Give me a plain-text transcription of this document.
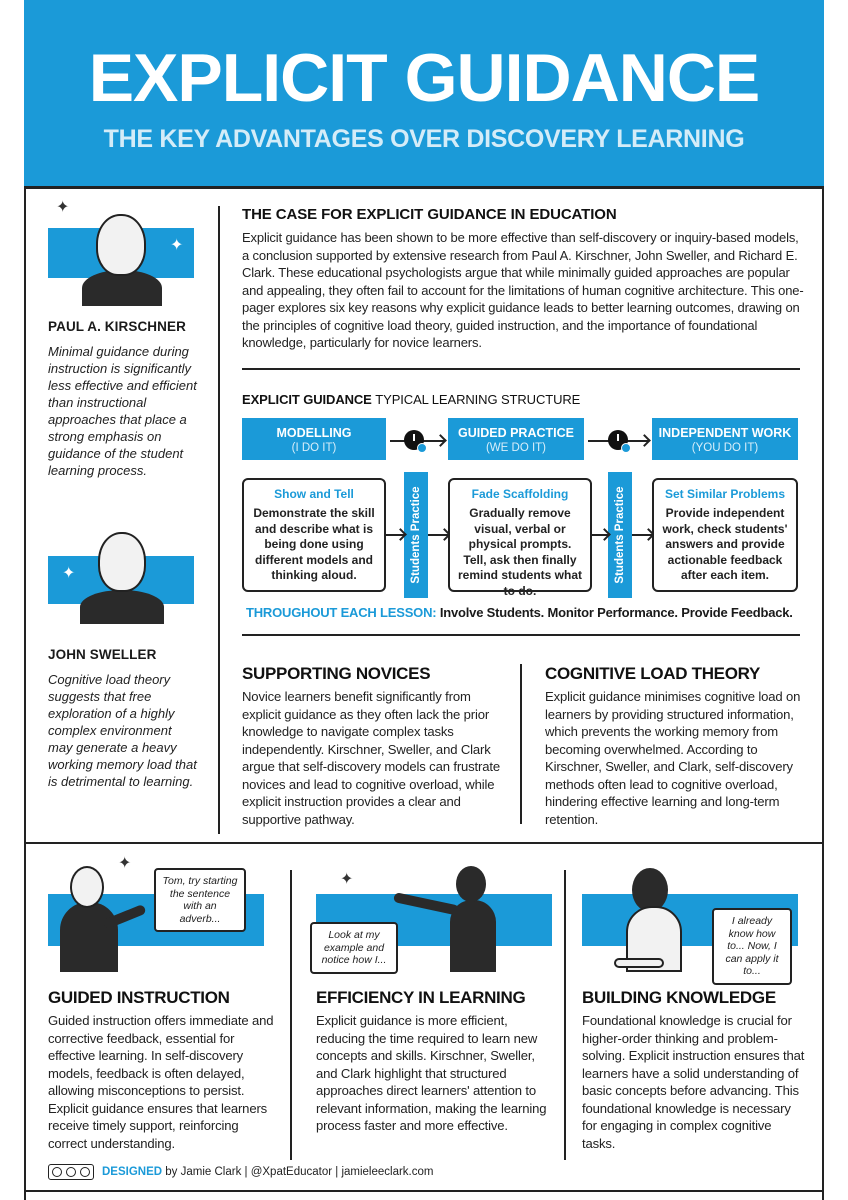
EXPLICIT GUIDANCE
THE KEY ADVANTAGES OVER DISCOVERY LEARNING
✦
✦
PAUL A. KIRSCHNER
Minimal guidance during instruction is significantly less effective and efficient than instructional approaches that place a strong emphasis on guidance of the student learning process.
✦
JOHN SWELLER
Cognitive load theory suggests that free exploration of a highly complex environment may generate a heavy working memory load that is detrimental to learning.
THE CASE FOR EXPLICIT GUIDANCE IN EDUCATION
Explicit guidance has been shown to be more effective than self-discovery or inquiry-based models, a conclusion supported by extensive research from Paul A. Kirschner, John Sweller, and Richard E. Clark. These educational psychologists argue that while minimally guided approaches are popular and appealing, they often fail to account for the limitations of human cognitive architecture. This one-pager explores six key reasons why explicit guidance leads to better learning outcomes, drawing on the principles of cognitive load theory, guided instruction, and the importance of foundational knowledge, particularly for novice learners.
EXPLICIT GUIDANCE TYPICAL LEARNING STRUCTURE
MODELLING
(I DO IT)
GUIDED PRACTICE
(WE DO IT)
INDEPENDENT WORK
(YOU DO IT)
Show and Tell
Demonstrate the skill and describe what is being done using different models and thinking aloud.	Students Practice	Fade Scaffolding
Gradually remove visual, verbal or physical prompts. Tell, ask then finally remind students what to do.
Students Practice	Set Similar Problems
Provide independent work, check students' answers and provide actionable feedback after each item.
THROUGHOUT EACH LESSON: Involve Students. Monitor Performance. Provide Feedback.
SUPPORTING NOVICES
Novice learners benefit significantly from explicit guidance as they often lack the prior knowledge to navigate complex tasks independently. Kirschner, Sweller, and Clark argue that self-discovery models can frustrate novices and lead to cognitive overload, while explicit instruction provides a clear and supportive pathway.
COGNITIVE LOAD THEORY
Explicit guidance minimises cognitive load on learners by providing structured information, which prevents the working memory from becoming overwhelmed. According to Kirschner, Sweller, and Clark, self-discovery methods often lead to cognitive overload, hindering effective learning and long-term retention.
✦
Tom, try starting the sentence with an adverb...
✦
Look at my example and notice how I...
I already know how to... Now, I can apply it to...
GUIDED INSTRUCTION
Guided instruction offers immediate and corrective feedback, essential for effective learning. In self-discovery models, feedback is often delayed, allowing misconceptions to persist. Explicit guidance ensures that learners receive timely support, reinforcing correct understanding.
EFFICIENCY IN LEARNING
Explicit guidance is more efficient, reducing the time required to learn new concepts and skills. Kirschner, Sweller, and Clark highlight that structured approaches direct learners' attention to relevant information, making the learning process faster and more effective.
BUILDING KNOWLEDGE
Foundational knowledge is crucial for higher-order thinking and problem-solving. Explicit instruction ensures that learners have a solid understanding of basic concepts before advancing. This foundational knowledge is necessary for engaging in complex cognitive tasks.
DESIGNED by Jamie Clark | @XpatEducator | jamieleeclark.com
